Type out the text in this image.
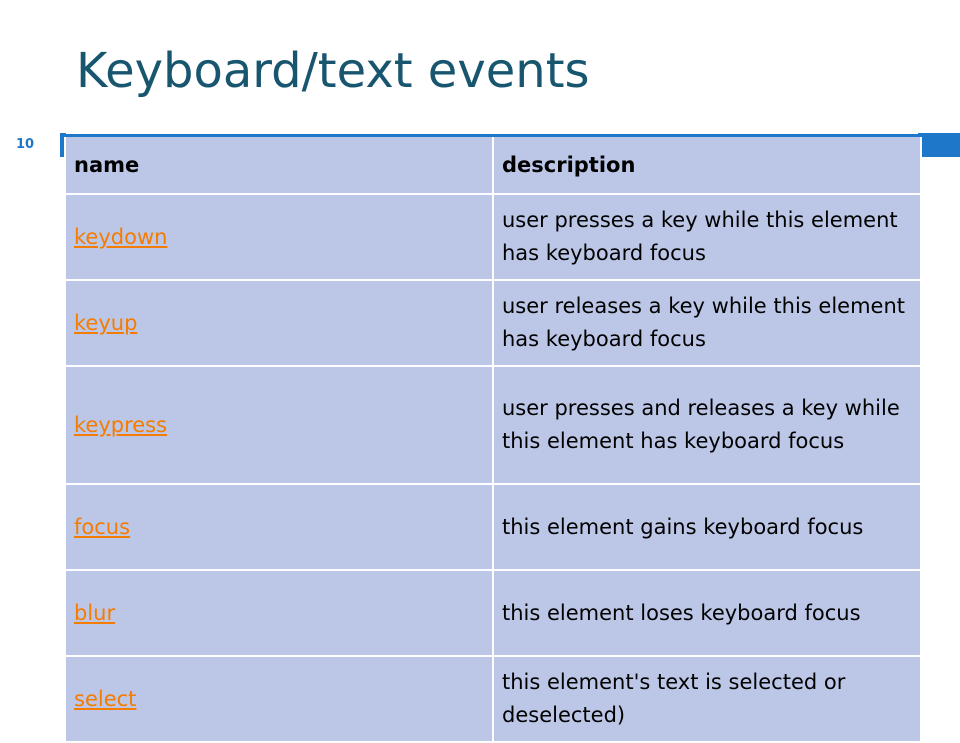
Keyboard/text events
10
name	description
keydown	user presses a key while this element has keyboard focus
keyup	user releases a key while this element has keyboard focus
keypress	user presses and releases a key while this element has keyboard focus
focus	this element gains keyboard focus
blur	this element loses keyboard focus
select	this element's text is selected or deselected)
